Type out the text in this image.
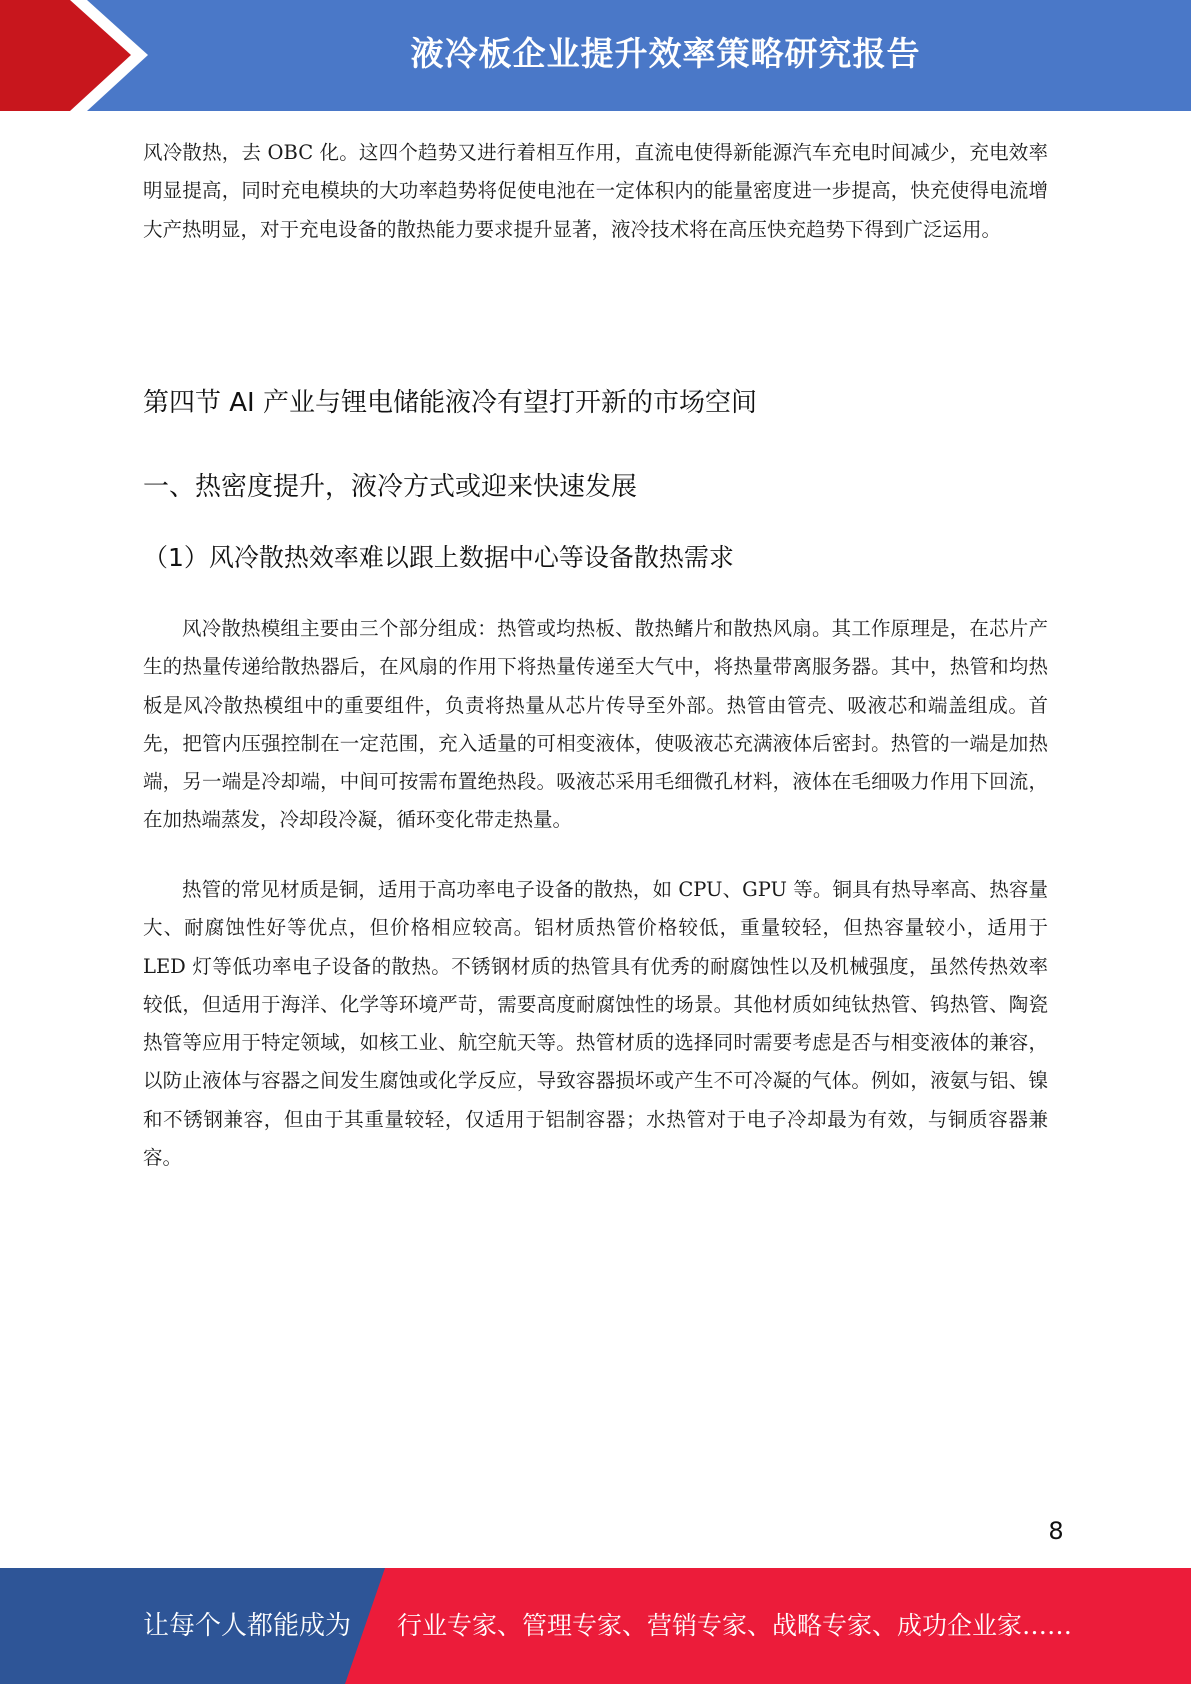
液冷板企业提升效率策略研究报告

风冷散热，去 OBC 化。这四个趋势又进行着相互作用，直流电使得新能源汽车充电时间减少，充电效率明显提高，同时充电模块的大功率趋势将促使电池在一定体积内的能量密度进一步提高，快充使得电流增大产热明显，对于充电设备的散热能力要求提升显著，液冷技术将在高压快充趋势下得到广泛运用。

第四节 AI 产业与锂电储能液冷有望打开新的市场空间
一、热密度提升，液冷方式或迎来快速发展
（1）风冷散热效率难以跟上数据中心等设备散热需求

风冷散热模组主要由三个部分组成：热管或均热板、散热鳍片和散热风扇。其工作原理是，在芯片产生的热量传递给散热器后，在风扇的作用下将热量传递至大气中，将热量带离服务器。其中，热管和均热板是风冷散热模组中的重要组件，负责将热量从芯片传导至外部。热管由管壳、吸液芯和端盖组成。首先，把管内压强控制在一定范围，充入适量的可相变液体，使吸液芯充满液体后密封。热管的一端是加热端，另一端是冷却端，中间可按需布置绝热段。吸液芯采用毛细微孔材料，液体在毛细吸力作用下回流，在加热端蒸发，冷却段冷凝，循环变化带走热量。

热管的常见材质是铜，适用于高功率电子设备的散热，如 CPU、GPU 等。铜具有热导率高、热容量大、耐腐蚀性好等优点，但价格相应较高。铝材质热管价格较低，重量较轻，但热容量较小，适用于 LED 灯等低功率电子设备的散热。不锈钢材质的热管具有优秀的耐腐蚀性以及机械强度，虽然传热效率较低，但适用于海洋、化学等环境严苛，需要高度耐腐蚀性的场景。其他材质如纯钛热管、钨热管、陶瓷热管等应用于特定领域，如核工业、航空航天等。热管材质的选择同时需要考虑是否与相变液体的兼容，以防止液体与容器之间发生腐蚀或化学反应，导致容器损坏或产生不可冷凝的气体。例如，液氨与铝、镍和不锈钢兼容，但由于其重量较轻，仅适用于铝制容器；水热管对于电子冷却最为有效，与铜质容器兼容。

8
让每个人都能成为 行业专家、管理专家、营销专家、战略专家、成功企业家……
